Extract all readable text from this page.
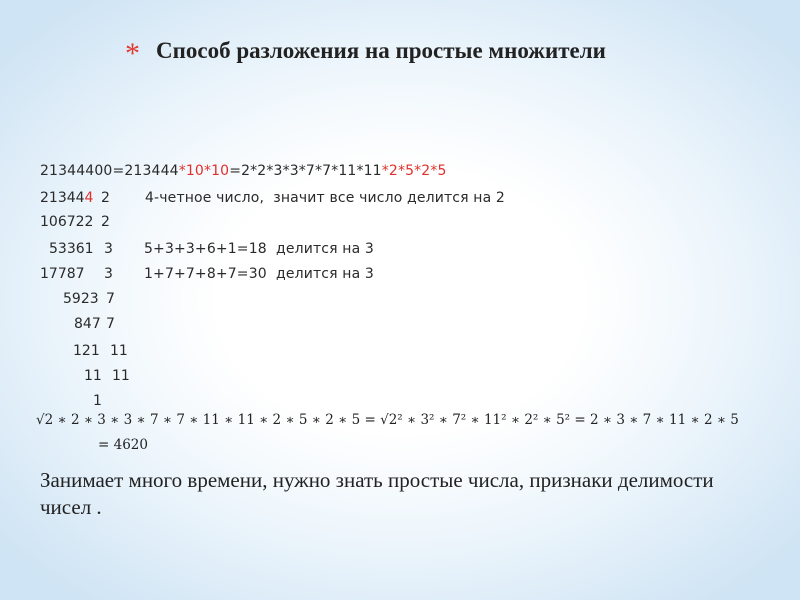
* Способ разложения на простые множители
21344400=213444*10*10=2*2*3*3*7*7*11*11*2*5*2*5
213444 2	4-четное число,  значит все число делится на 2
106722 2
53361 3 5+3+3+6+1=18  делится на 3
17787 3 1+7+7+8+7=30  делится на 3
5923 7
847 7
121 11
11 11
1
√2 ∗ 2 ∗ 3 ∗ 3 ∗ 7 ∗ 7 ∗ 11 ∗ 11 ∗ 2 ∗ 5 ∗ 2 ∗ 5 = √2² ∗ 3² ∗ 7² ∗ 11² ∗ 2² ∗ 5² = 2 ∗ 3 ∗ 7 ∗ 11 ∗ 2 ∗ 5
= 4620
Занимает много времени, нужно знать простые числа, признаки делимости чисел .
